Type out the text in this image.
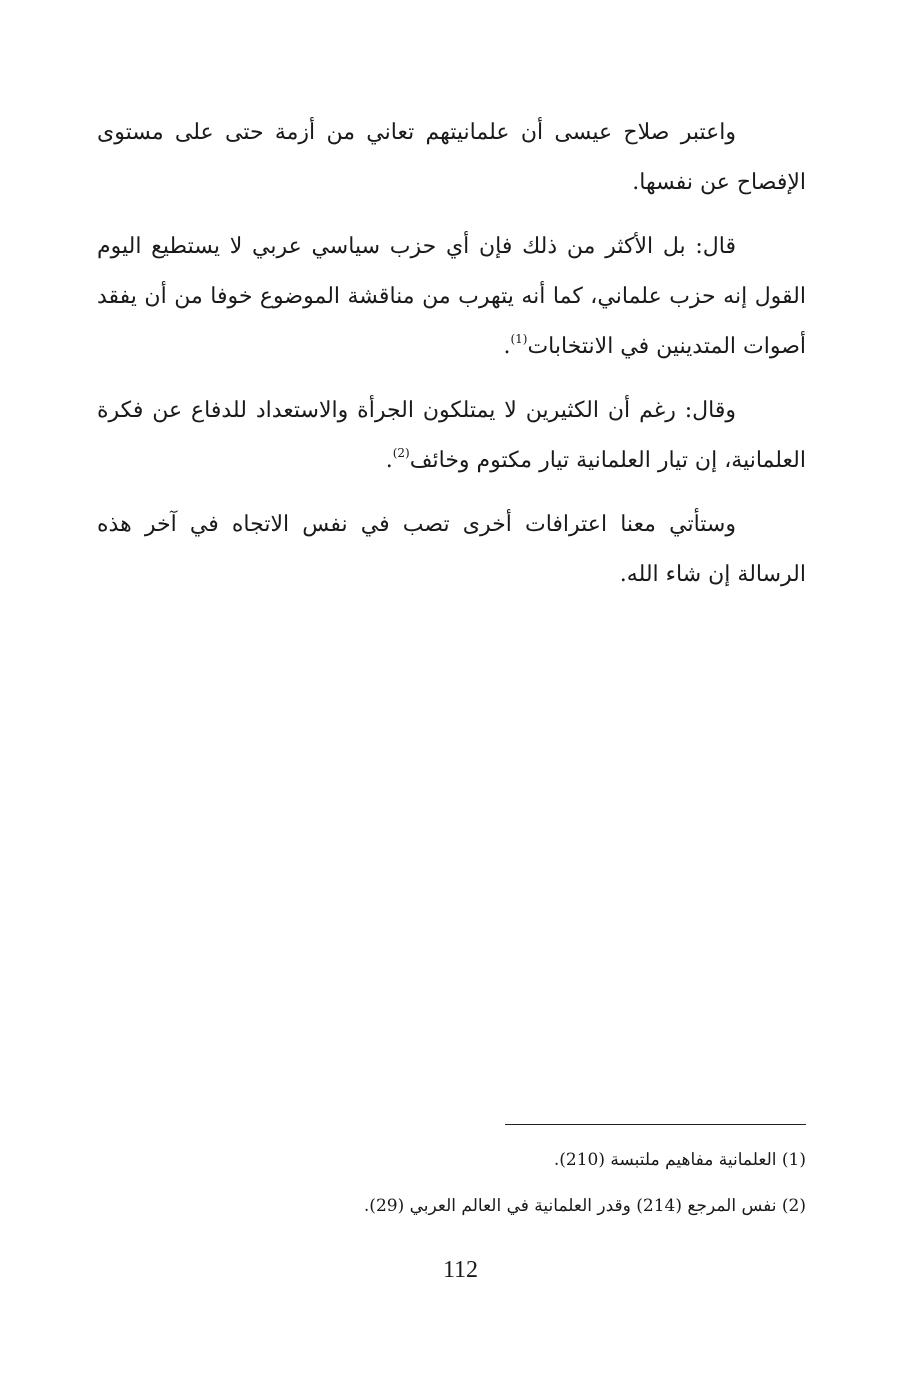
واعتبر صلاح عيسى أن علمانيتهم تعاني من أزمة حتى على مستوى الإفصاح عن نفسها.

قال: بل الأكثر من ذلك فإن أي حزب سياسي عربي لا يستطيع اليوم القول إنه حزب علماني، كما أنه يتهرب من مناقشة الموضوع خوفا من أن يفقد أصوات المتدينين في الانتخابات$^{(1)}$.

وقال: رغم أن الكثيرين لا يمتلكون الجرأة والاستعداد للدفاع عن فكرة العلمانية، إن تيار العلمانية تيار مكتوم وخائف$^{(2)}$.

وستأتي معنا اعترافات أخرى تصب في نفس الاتجاه في آخر هذه الرسالة إن شاء الله.

(1) العلمانية مفاهيم ملتبسة (210).
(2) نفس المرجع (214) وقدر العلمانية في العالم العربي (29).
112
